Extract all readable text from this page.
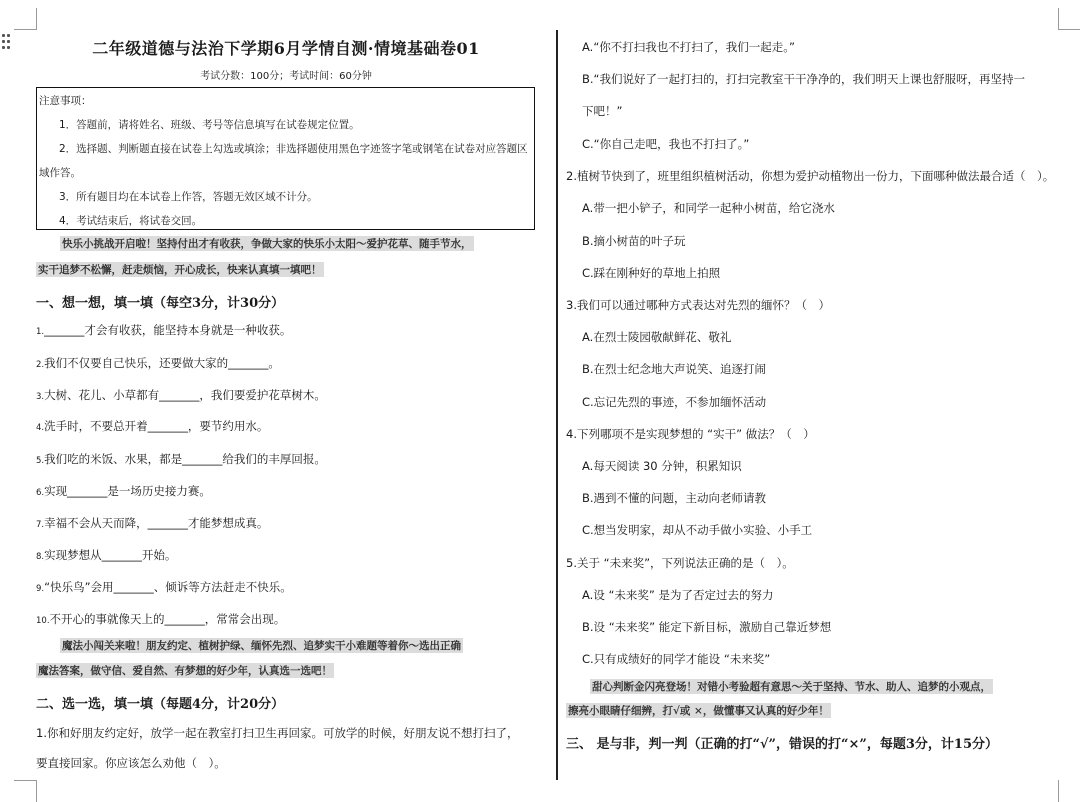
二年级道德与法治下学期6月学情自测·情境基础卷01
考试分数：100分；考试时间：60分钟
注意事项：
1．答题前，请将姓名、班级、考号等信息填写在试卷规定位置。
2．选择题、判断题直接在试卷上勾选或填涂；非选择题使用黑色字迹签字笔或钢笔在试卷对应答题区
域作答。
3．所有题目均在本试卷上作答，答题无效区域不计分。
4．考试结束后，将试卷交回。
快乐小挑战开启啦！坚持付出才有收获，争做大家的快乐小太阳～爱护花草、随手节水，
实干追梦不松懈，赶走烦恼，开心成长，快来认真填一填吧！
一、想一想，填一填（每空3分，计30分）
1._______才会有收获，能坚持本身就是一种收获。
2.我们不仅要自己快乐，还要做大家的_______。
3.大树、花儿、小草都有_______，我们要爱护花草树木。
4.洗手时，不要总开着_______，要节约用水。
5.我们吃的米饭、水果，都是_______给我们的丰厚回报。
6.实现_______是一场历史接力赛。
7.幸福不会从天而降，_______才能梦想成真。
8.实现梦想从_______开始。
9.“快乐鸟”会用_______、倾诉等方法赶走不快乐。
10.不开心的事就像天上的_______，常常会出现。
魔法小闯关来啦！朋友约定、植树护绿、缅怀先烈、追梦实干小难题等着你～选出正确
魔法答案，做守信、爱自然、有梦想的好少年，认真选一选吧！
二、选一选，填一填（每题4分，计20分）
1.你和好朋友约定好，放学一起在教室打扫卫生再回家。可放学的时候，好朋友说不想打扫了，
要直接回家。你应该怎么劝他（　）。
A.“你不打扫我也不打扫了，我们一起走。”
B.“我们说好了一起打扫的，打扫完教室干干净净的，我们明天上课也舒服呀，再坚持一
下吧！”
C.“你自己走吧，我也不打扫了。”
2.植树节快到了，班里组织植树活动，你想为爱护动植物出一份力，下面哪种做法最合适（　）。
A.带一把小铲子，和同学一起种小树苗，给它浇水
B.摘小树苗的叶子玩
C.踩在刚种好的草地上拍照
3.我们可以通过哪种方式表达对先烈的缅怀？（　）
A.在烈士陵园敬献鲜花、敬礼
B.在烈士纪念地大声说笑、追逐打闹
C.忘记先烈的事迹，不参加缅怀活动
4.下列哪项不是实现梦想的 “实干” 做法？（　）
A.每天阅读 30 分钟，积累知识
B.遇到不懂的问题，主动向老师请教
C.想当发明家，却从不动手做小实验、小手工
5.关于 “未来奖”，下列说法正确的是（　）。
A.设 “未来奖” 是为了否定过去的努力
B.设 “未来奖” 能定下新目标，激励自己靠近梦想
C.只有成绩好的同学才能设 “未来奖”
甜心判断金闪亮登场！对错小考验超有意思～关于坚持、节水、助人、追梦的小观点，
擦亮小眼睛仔细辨，打√或 ×，做懂事又认真的好少年！
三、 是与非，判一判（正确的打“√”，错误的打“×”，每题3分，计15分）
